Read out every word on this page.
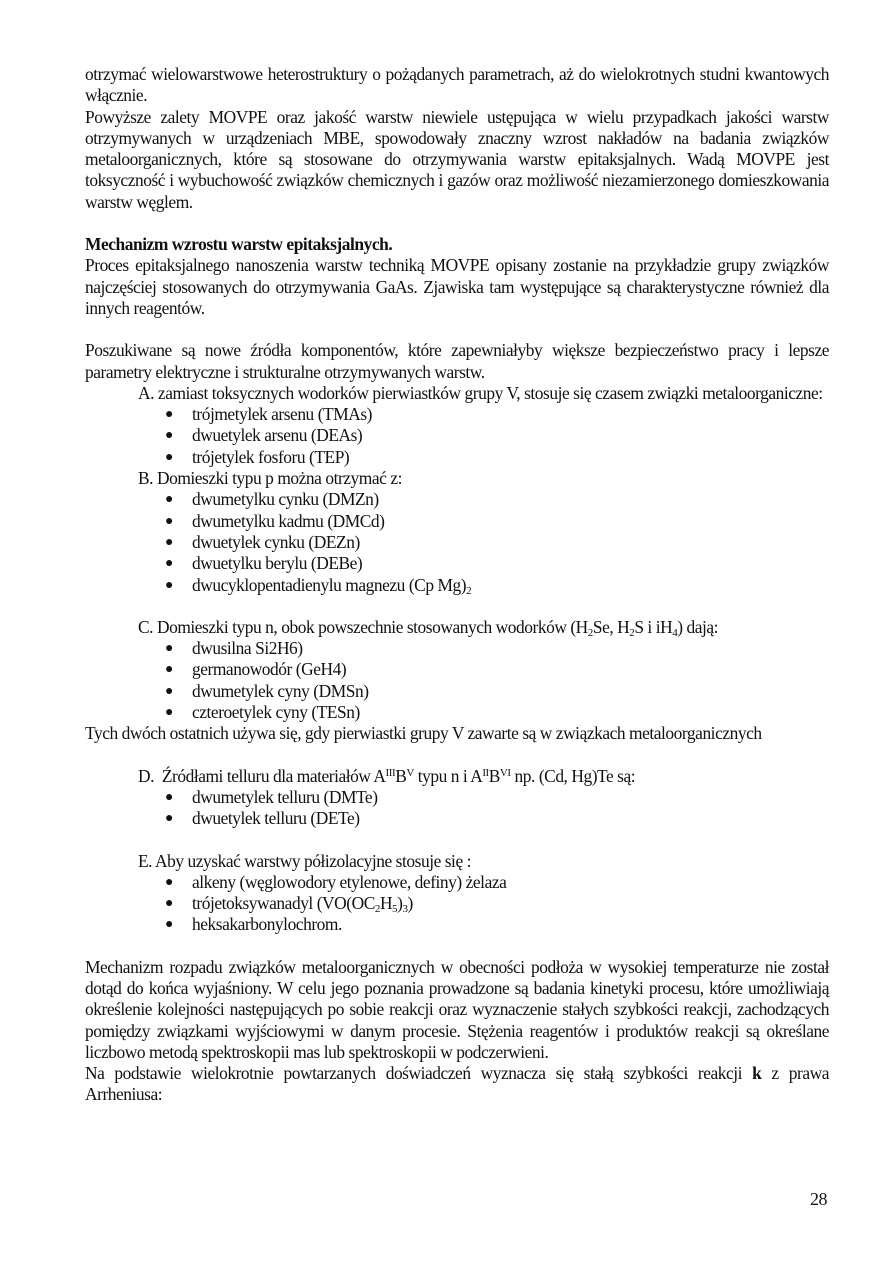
otrzymać wielowarstwowe heterostruktury o pożądanych parametrach, aż do wielokrotnych studni kwantowych włącznie.

Powyższe zalety MOVPE oraz jakość warstw niewiele ustępująca w wielu przypadkach jakości warstw otrzymywanych w urządzeniach MBE, spowodowały znaczny wzrost nakładów na badania związków metaloorganicznych, które są stosowane do otrzymywania warstw epitaksjalnych. Wadą MOVPE jest toksyczność i wybuchowość związków chemicznych i gazów oraz możliwość niezamierzonego domieszkowania warstw węglem.

Mechanizm wzrostu warstw epitaksjalnych.

Proces epitaksjalnego nanoszenia warstw techniką MOVPE opisany zostanie na przykładzie grupy związków najczęściej stosowanych do otrzymywania GaAs. Zjawiska tam występujące są charakterystyczne również dla innych reagentów.

Poszukiwane są nowe źródła komponentów, które zapewniałyby większe bezpieczeństwo pracy i lepsze parametry elektryczne i strukturalne otrzymywanych warstw.

A. zamiast toksycznych wodorków pierwiastków grupy V, stosuje się czasem związki metaloorganiczne:

● trójmetylek arsenu (TMAs)
● dwuetylek arsenu (DEAs)
● trójetylek fosforu (TEP)

B. Domieszki typu p można otrzymać z:

● dwumetylku cynku (DMZn)
● dwumetylku kadmu (DMCd)
● dwuetylek cynku (DEZn)
● dwuetylku berylu (DEBe)
● dwucyklopentadienylu magnezu (Cp $Mg)_2$

C. Domieszki typu n, obok powszechnie stosowanych wodorków ($H_2Se$, $H_2S$ i $iH_4$) dają:

● dwusilna Si2H6)
● germanowodór (GeH4)
● dwumetylek cyny (DMSn)
● czteroetylek cyny (TESn)

Tych dwóch ostatnich używa się, gdy pierwiastki grupy V zawarte są w związkach metaloorganicznych

D. Źródłami telluru dla materiałów $A^{III}B^V$ typu n i $A^{II}B^{VI}$ np. (Cd, Hg)Te są:

● dwumetylek telluru (DMTe)
● dwuetylek telluru (DETe)

E. Aby uzyskać warstwy półizolacyjne stosuje się :

● alkeny (węglowodory etylenowe, definy) żelaza
● trójetoksywanadyl $(VO(OC_2H_5)_3)$
● heksakarbonylochrom.

Mechanizm rozpadu związków metaloorganicznych w obecności podłoża w wysokiej temperaturze nie został dotąd do końca wyjaśniony. W celu jego poznania prowadzone są badania kinetyki procesu, które umożliwiają określenie kolejności następujących po sobie reakcji oraz wyznaczenie stałych szybkości reakcji, zachodzących pomiędzy związkami wyjściowymi w danym procesie. Stężenia reagentów i produktów reakcji są określane liczbowo metodą spektroskopii mas lub spektroskopii w podczerwieni.

Na podstawie wielokrotnie powtarzanych doświadczeń wyznacza się stałą szybkości reakcji k z prawa Arrheniusa:

28
